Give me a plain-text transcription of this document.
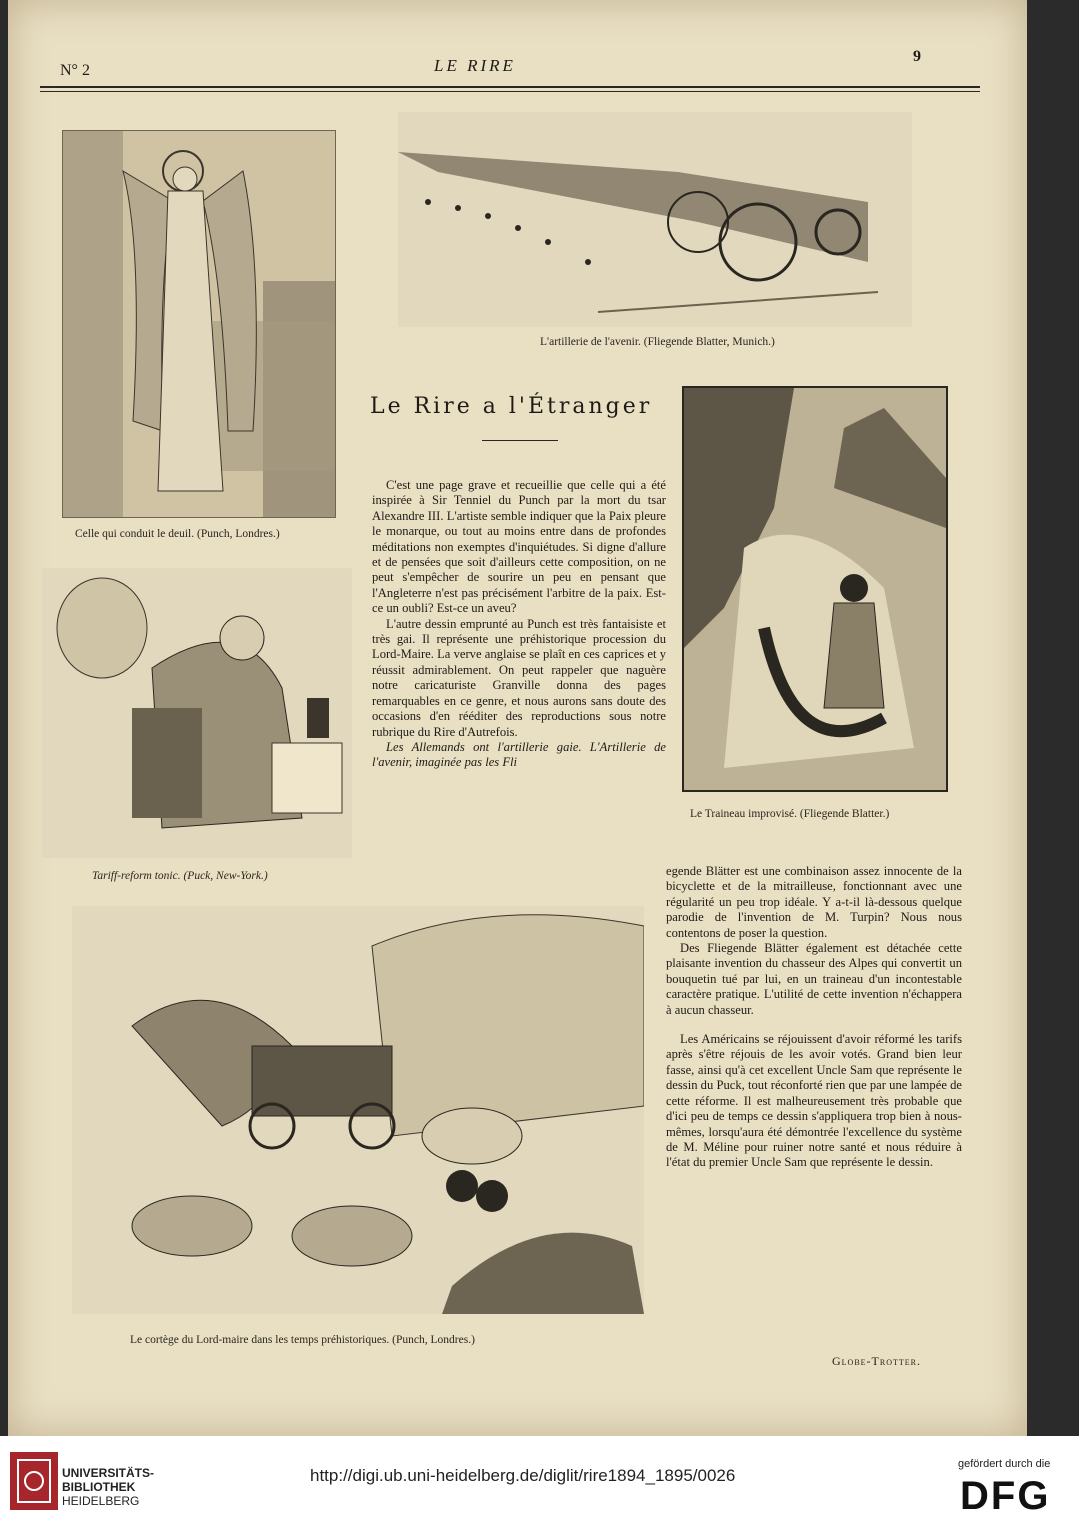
N° 2	LE RIRE	9
Celle qui conduit le deuil. (Punch, Londres.)
L'artillerie de l'avenir. (Fliegende Blatter, Munich.)
Le Rire a l'Étranger
Le Traineau improvisé. (Fliegende Blatter.)
Tariff-reform tonic. (Puck, New-York.)

C'est une page grave et recueillie que celle qui a été inspirée à Sir Tenniel du Punch par la mort du tsar Alexandre III. L'artiste semble indiquer que la Paix pleure le monarque, ou tout au moins entre dans de profondes méditations non exemptes d'inquiétudes. Si digne d'allure et de pensées que soit d'ailleurs cette composition, on ne peut s'empêcher de sourire un peu en pensant que l'Angleterre n'est pas précisément l'arbitre de la paix. Est-ce un oubli? Est-ce un aveu?

L'autre dessin emprunté au Punch est très fantaisiste et très gai. Il représente une préhistorique procession du Lord-Maire. La verve anglaise se plaît en ces caprices et y réussit admirablement. On peut rappeler que naguère notre caricaturiste Granville donna des pages remarquables en ce genre, et nous aurons sans doute des occasions d'en rééditer des reproductions sous notre rubrique du Rire d'Autrefois.

Les Allemands ont l'artillerie gaie. L'Artillerie de l'avenir, imaginée pas les Fli

Le cortège du Lord-maire dans les temps préhistoriques. (Punch, Londres.)

egende Blätter est une combinaison assez innocente de la bicyclette et de la mitrailleuse, fonctionnant avec une régularité un peu trop idéale. Y a-t-il là-dessous quelque parodie de l'invention de M. Turpin? Nous nous contentons de poser la question.

Des Fliegende Blätter également est détachée cette plaisante invention du chasseur des Alpes qui convertit un bouquetin tué par lui, en un traineau d'un incontestable caractère pratique. L'utilité de cette invention n'échappera à aucun chasseur.

Les Américains se réjouissent d'avoir réformé les tarifs après s'être réjouis de les avoir votés. Grand bien leur fasse, ainsi qu'à cet excellent Uncle Sam que représente le dessin du Puck, tout réconforté rien que par une lampée de cette réforme. Il est malheureusement très probable que d'ici peu de temps ce dessin s'appliquera trop bien à nous-mêmes, lorsqu'aura été démontrée l'excellence du système de M. Méline pour ruiner notre santé et nous réduire à l'état du premier Uncle Sam que représente le dessin.

Globe-Trotter.
UNIVERSITÄTS-
BIBLIOTHEK
HEIDELBERG
http://digi.ub.uni-heidelberg.de/diglit/rire1894_1895/0026
gefördert durch die
DFG
